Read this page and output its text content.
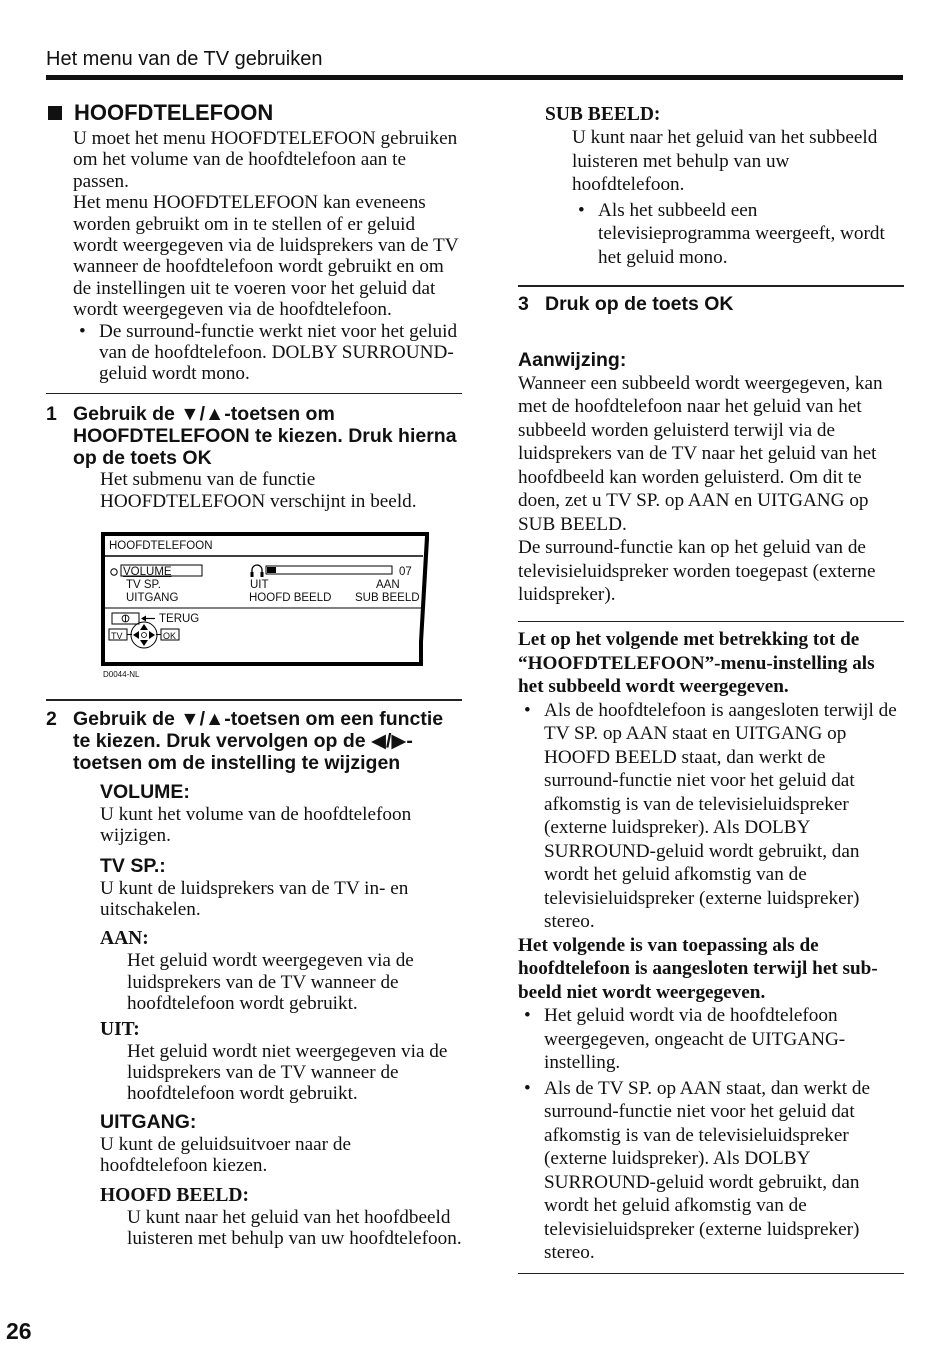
Het menu van de TV gebruiken
HOOFDTELEFOON

U moet het menu HOOFDTELEFOON gebruiken om het volume van de hoofdtelefoon aan te passen.

Het menu HOOFDTELEFOON kan eveneens worden gebruikt om in te stellen of er geluid wordt weergegeven via de luidsprekers van de TV wanneer de hoofdtelefoon wordt gebruikt en om de instellingen uit te voeren voor het geluid dat wordt weergegeven via de hoofdtelefoon.

• De surround-functie werkt niet voor het geluid van de hoofdtelefoon. DOLBY SURROUND-geluid wordt mono.
1 Gebruik de ▼/▲-toetsen om HOOFDTELEFOON te kiezen. Druk hierna op de toets OK

Het submenu van de functie HOOFDTELEFOON verschijnt in beeld.

HOOFDTELEFOON
VOLUME
TV SP.
UITGANG
07
UIT	AAN
HOOFD BEELD SUB BEELD
TERUG
TV	OK
D0044-NL
2 Gebruik de ▼/▲-toetsen om een functie te kiezen. Druk vervolgen op de ◀/▶-toetsen om de instelling te wijzigen
VOLUME:

U kunt het volume van de hoofdtelefoon wijzigen.

TV SP.:

U kunt de luidsprekers van de TV in- en uitschakelen.

AAN:

Het geluid wordt weergegeven via de luidsprekers van de TV wanneer de hoofdtelefoon wordt gebruikt.

UIT:

Het geluid wordt niet weergegeven via de luidsprekers van de TV wanneer de hoofdtelefoon wordt gebruikt.

UITGANG:

U kunt de geluidsuitvoer naar de hoofdtelefoon kiezen.

HOOFD BEELD:

U kunt naar het geluid van het hoofdbeeld luisteren met behulp van uw hoofdtelefoon.

SUB BEELD:

U kunt naar het geluid van het subbeeld luisteren met behulp van uw hoofdtelefoon.

• Als het subbeeld een televisieprogramma weergeeft, wordt het geluid mono.
3 Druk op de toets OK
Aanwijzing:

Wanneer een subbeeld wordt weergegeven, kan met de hoofdtelefoon naar het geluid van het subbeeld worden geluisterd terwijl via de luidsprekers van de TV naar het geluid van het hoofdbeeld kan worden geluisterd. Om dit te doen, zet u TV SP. op AAN en UITGANG op SUB BEELD.

De surround-functie kan op het geluid van de televisieluidspreker worden toegepast (externe luidspreker).

Let op het volgende met betrekking tot de “HOOFDTELEFOON”-menu-instelling als het subbeeld wordt weergegeven.

• Als de hoofdtelefoon is aangesloten terwijl de TV SP. op AAN staat en UITGANG op HOOFD BEELD staat, dan werkt de surround-functie niet voor het geluid dat afkomstig is van de televisieluidspreker (externe luidspreker). Als DOLBY SURROUND-geluid wordt gebruikt, dan wordt het geluid afkomstig van de televisieluidspreker (externe luidspreker) stereo.

Het volgende is van toepassing als de hoofdtelefoon is aangesloten terwijl het sub-beeld niet wordt weergegeven.

• Het geluid wordt via de hoofdtelefoon weergegeven, ongeacht de UITGANG-instelling.
• Als de TV SP. op AAN staat, dan werkt de surround-functie niet voor het geluid dat afkomstig is van de televisieluidspreker (externe luidspreker). Als DOLBY SURROUND-geluid wordt gebruikt, dan wordt het geluid afkomstig van de televisieluidspreker (externe luidspreker) stereo.
26
